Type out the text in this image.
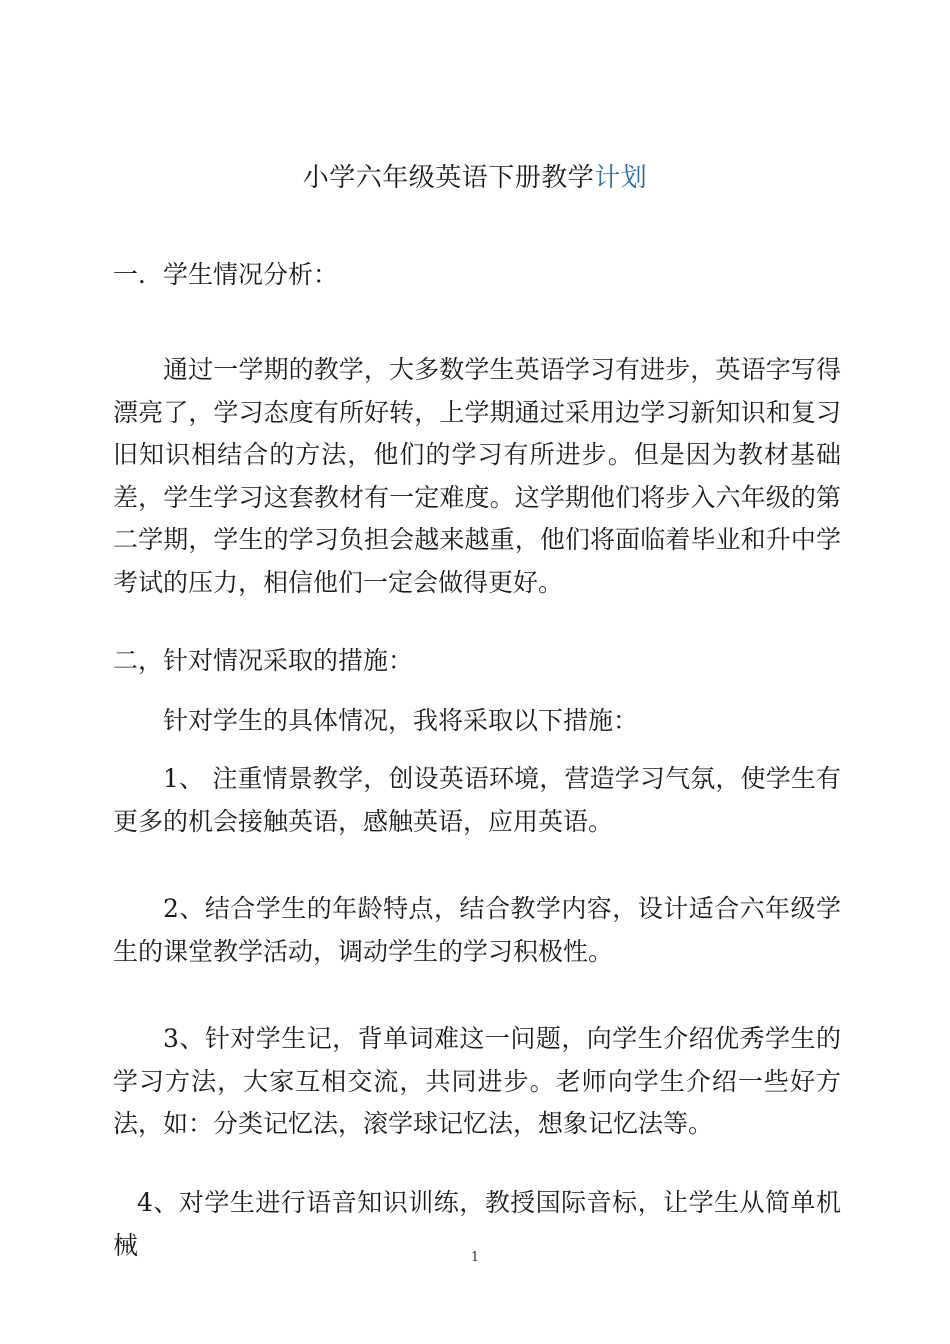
小学六年级英语下册教学计划
一．学生情况分析：
通过一学期的教学，大多数学生英语学习有进步，英语字写得漂亮了，学习态度有所好转，上学期通过采用边学习新知识和复习旧知识相结合的方法，他们的学习有所进步。但是因为教材基础差，学生学习这套教材有一定难度。这学期他们将步入六年级的第二学期，学生的学习负担会越来越重，他们将面临着毕业和升中学考试的压力，相信他们一定会做得更好。
二，针对情况采取的措施：
针对学生的具体情况，我将采取以下措施：
1、 注重情景教学，创设英语环境，营造学习气氛，使学生有更多的机会接触英语，感触英语，应用英语。
2、结合学生的年龄特点，结合教学内容，设计适合六年级学生的课堂教学活动，调动学生的学习积极性。
3、针对学生记，背单词难这一问题，向学生介绍优秀学生的学习方法，大家互相交流，共同进步。老师向学生介绍一些好方法，如：分类记忆法，滚学球记忆法，想象记忆法等。
4、对学生进行语音知识训练，教授国际音标，让学生从简单机械	1
